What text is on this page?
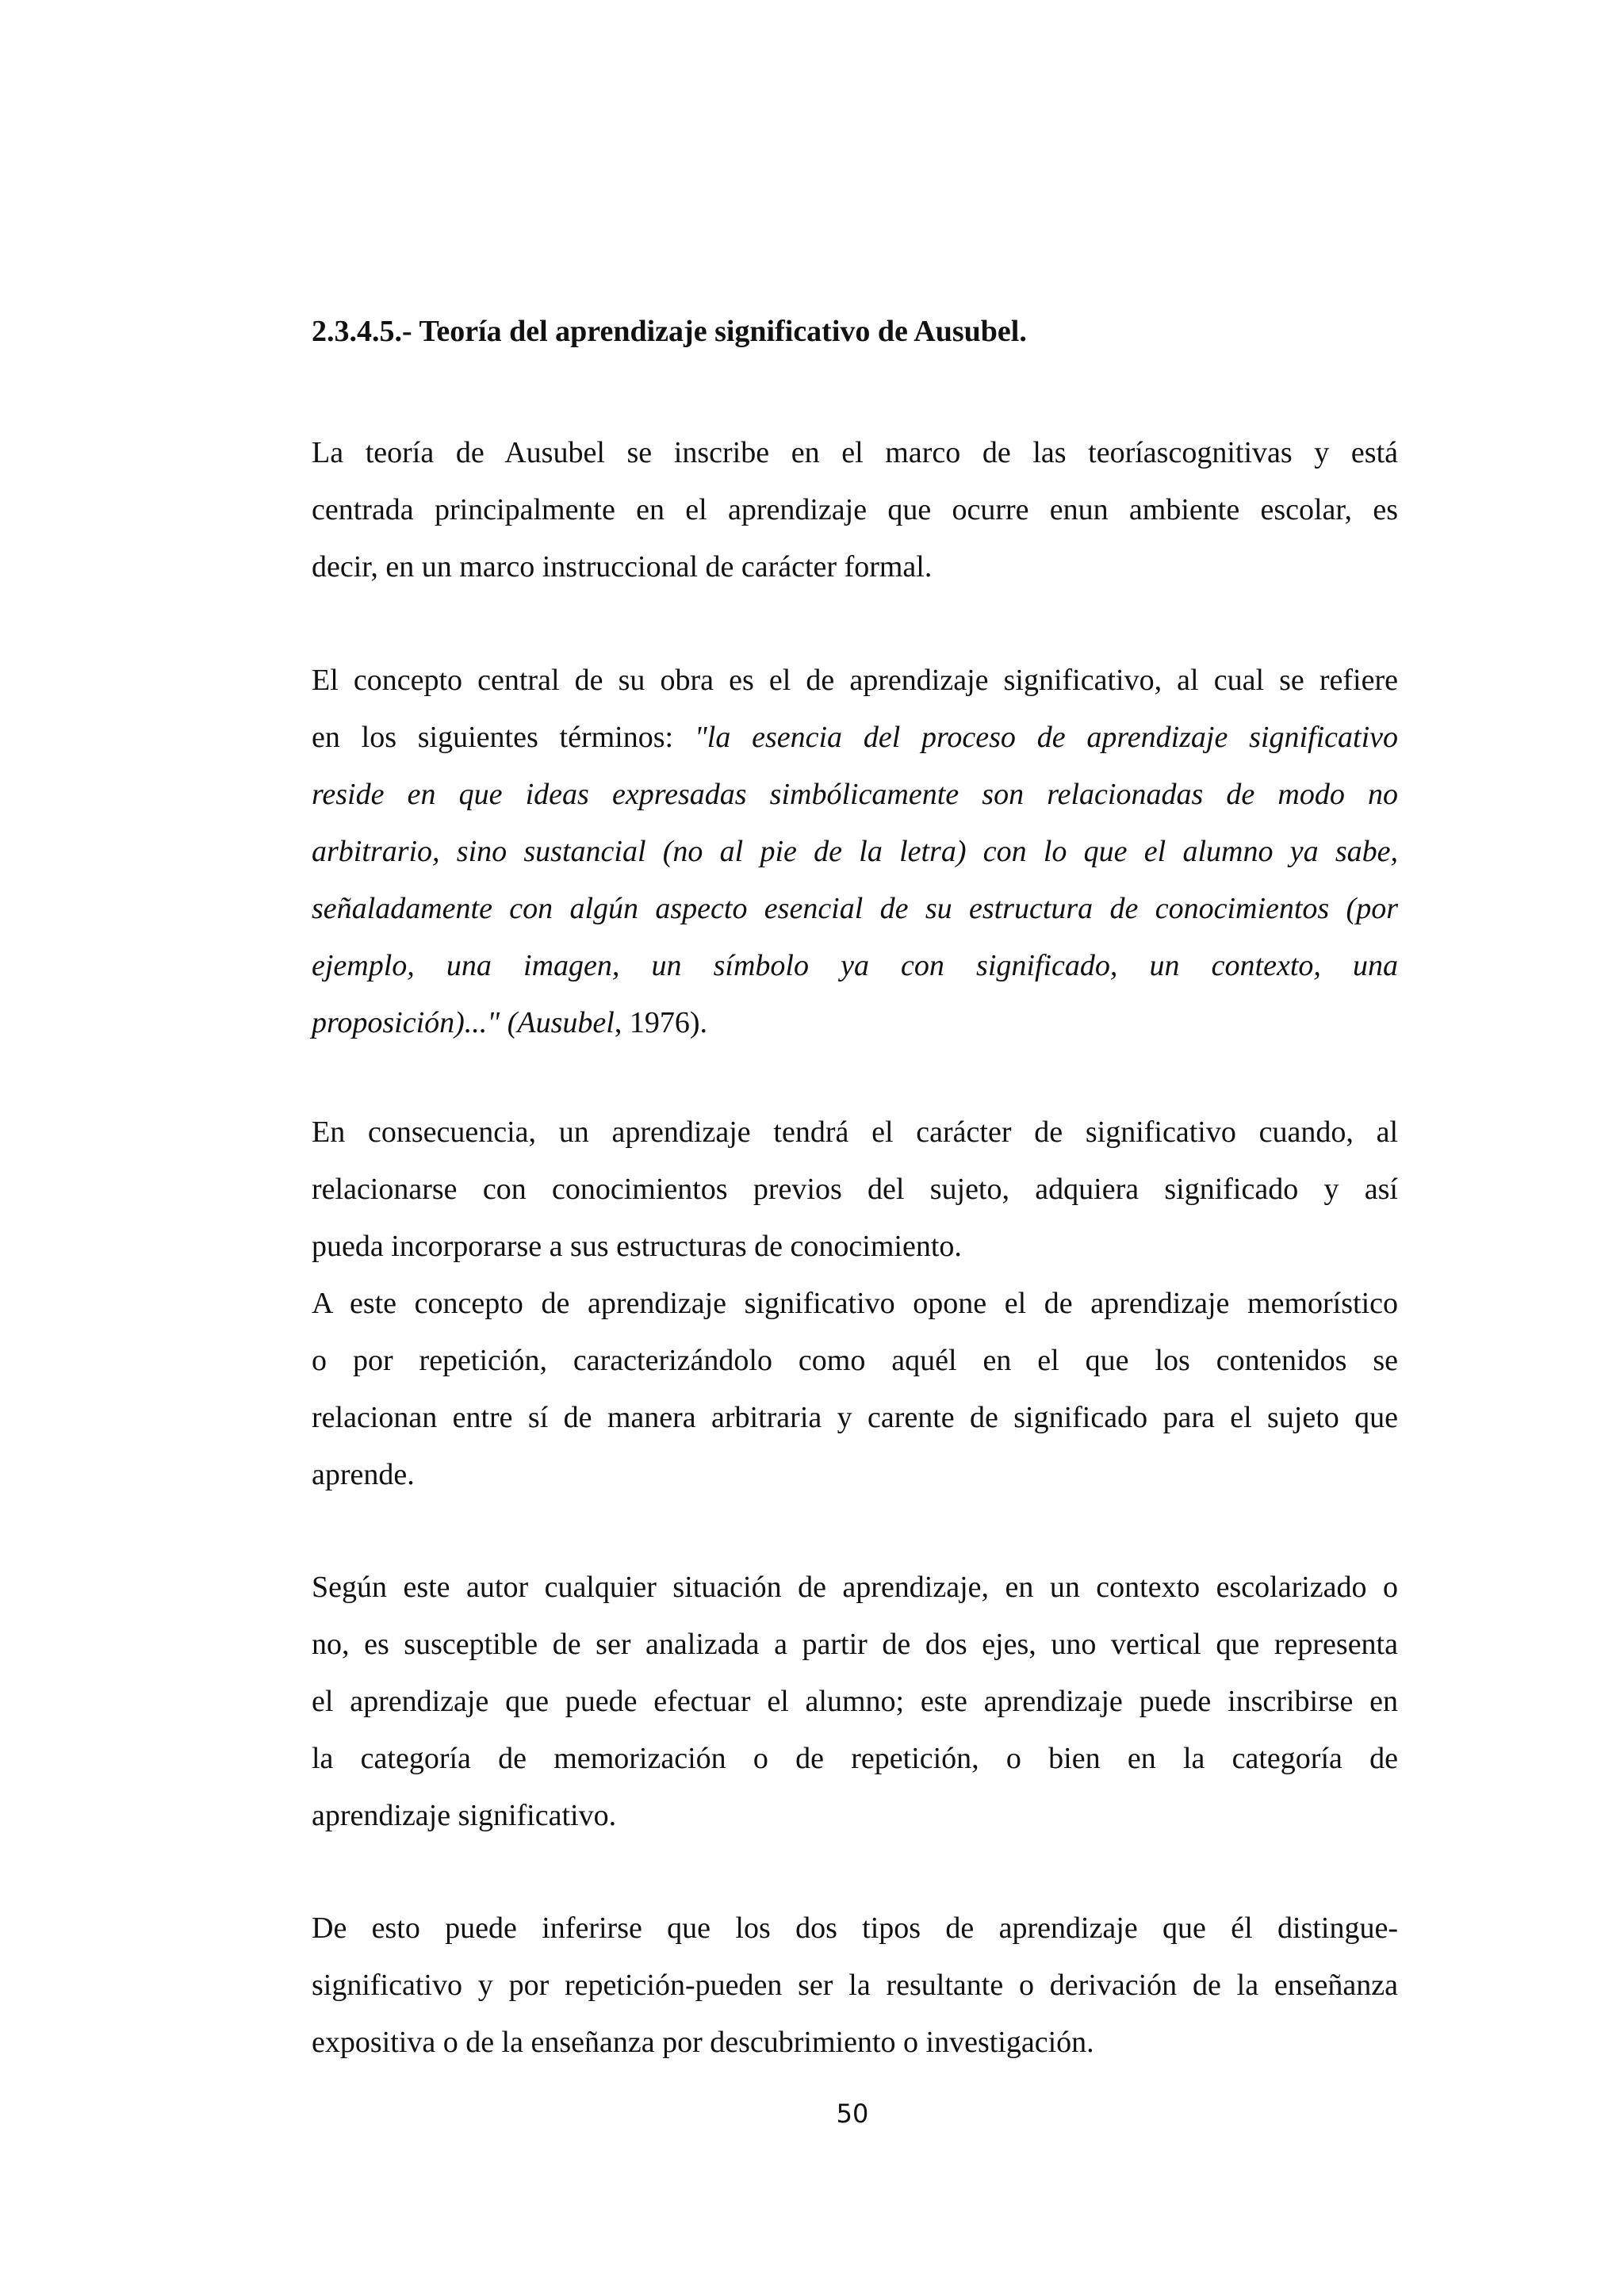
2.3.4.5.- Teoría del aprendizaje significativo de Ausubel.

La teoría de Ausubel se inscribe en el marco de las teoríascognitivas y está
centrada principalmente en el aprendizaje que ocurre enun ambiente escolar, es
decir, en un marco instruccional de carácter formal.

El concepto central de su obra es el de aprendizaje significativo, al cual se refiere
en los siguientes términos: "la esencia del proceso de aprendizaje significativo
reside en que ideas expresadas simbólicamente son relacionadas de modo no
arbitrario, sino sustancial (no al pie de la letra) con lo que el alumno ya sabe,
señaladamente con algún aspecto esencial de su estructura de conocimientos (por
ejemplo, una imagen, un símbolo ya con significado, un contexto, una
proposición)..." (Ausubel, 1976).

En consecuencia, un aprendizaje tendrá el carácter de significativo cuando, al
relacionarse con conocimientos previos del sujeto, adquiera significado y así
pueda incorporarse a sus estructuras de conocimiento.
A este concepto de aprendizaje significativo opone el de aprendizaje memorístico
o por repetición, caracterizándolo como aquél en el que los contenidos se
relacionan entre sí de manera arbitraria y carente de significado para el sujeto que
aprende.

Según este autor cualquier situación de aprendizaje, en un contexto escolarizado o
no, es susceptible de ser analizada a partir de dos ejes, uno vertical que representa
el aprendizaje que puede efectuar el alumno; este aprendizaje puede inscribirse en
la categoría de memorización o de repetición, o bien en la categoría de
aprendizaje significativo.

De esto puede inferirse que los dos tipos de aprendizaje que él distingue-
significativo y por repetición-pueden ser la resultante o derivación de la enseñanza
expositiva o de la enseñanza por descubrimiento o investigación.

50
